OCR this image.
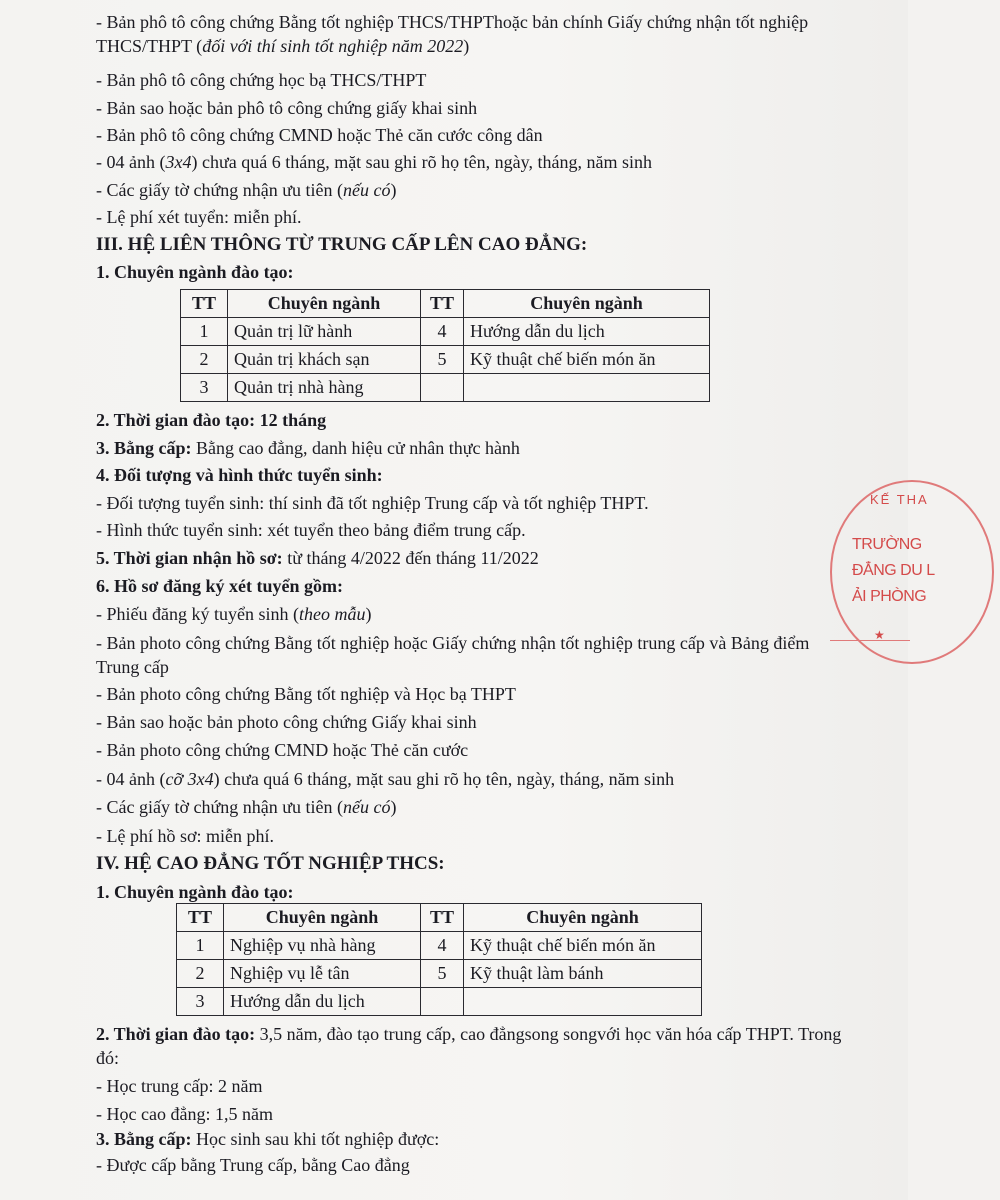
- Bản phô tô công chứng Bằng tốt nghiệp THCS/THPThoặc bản chính Giấy chứng nhận tốt nghiệp THCS/THPT (đối với thí sinh tốt nghiệp năm 2022)
- Bản phô tô công chứng học bạ THCS/THPT
- Bản sao hoặc bản phô tô công chứng giấy khai sinh
- Bản phô tô công chứng CMND hoặc Thẻ căn cước công dân
- 04 ảnh (3x4) chưa quá 6 tháng, mặt sau ghi rõ họ tên, ngày, tháng, năm sinh
- Các giấy tờ chứng nhận ưu tiên (nếu có)
- Lệ phí xét tuyển: miễn phí.
III. HỆ LIÊN THÔNG TỪ TRUNG CẤP LÊN CAO ĐẲNG:
1. Chuyên ngành đào tạo:
TT	Chuyên ngành	TT	Chuyên ngành
1	Quản trị lữ hành	4	Hướng dẫn du lịch
2	Quản trị khách sạn	5	Kỹ thuật chế biến món ăn
3	Quản trị nhà hàng		
2. Thời gian đào tạo: 12 tháng
3. Bằng cấp: Bằng cao đẳng, danh hiệu cử nhân thực hành
4. Đối tượng và hình thức tuyển sinh:
- Đối tượng tuyển sinh: thí sinh đã tốt nghiệp Trung cấp và tốt nghiệp THPT.
- Hình thức tuyển sinh: xét tuyển theo bảng điểm trung cấp.
5. Thời gian nhận hồ sơ: từ tháng 4/2022 đến tháng 11/2022
6. Hồ sơ đăng ký xét tuyển gồm:
- Phiếu đăng ký tuyển sinh (theo mẫu)
- Bản photo công chứng Bằng tốt nghiệp hoặc Giấy chứng nhận tốt nghiệp trung cấp và Bảng điểm Trung cấp
- Bản photo công chứng Bằng tốt nghiệp và Học bạ THPT
- Bản sao hoặc bản photo công chứng Giấy khai sinh
- Bản photo công chứng CMND hoặc Thẻ căn cước
- 04 ảnh (cỡ 3x4) chưa quá 6 tháng, mặt sau ghi rõ họ tên, ngày, tháng, năm sinh
- Các giấy tờ chứng nhận ưu tiên (nếu có)
- Lệ phí hồ sơ: miễn phí.
IV. HỆ CAO ĐẲNG TỐT NGHIỆP THCS:
1. Chuyên ngành đào tạo:
TT	Chuyên ngành	TT	Chuyên ngành
1	Nghiệp vụ nhà hàng	4	Kỹ thuật chế biến món ăn
2	Nghiệp vụ lễ tân	5	Kỹ thuật làm bánh
3	Hướng dẫn du lịch		
2. Thời gian đào tạo: 3,5 năm, đào tạo trung cấp, cao đẳngsong songvới học văn hóa cấp THPT. Trong đó:
- Học trung cấp: 2 năm
- Học cao đẳng: 1,5 năm
3. Bằng cấp: Học sinh sau khi tốt nghiệp được:
- Được cấp bằng Trung cấp, bằng Cao đẳng
KẾ THA
TRƯỜNG
ĐẲNG DU L
ẢI PHÒNG
★
